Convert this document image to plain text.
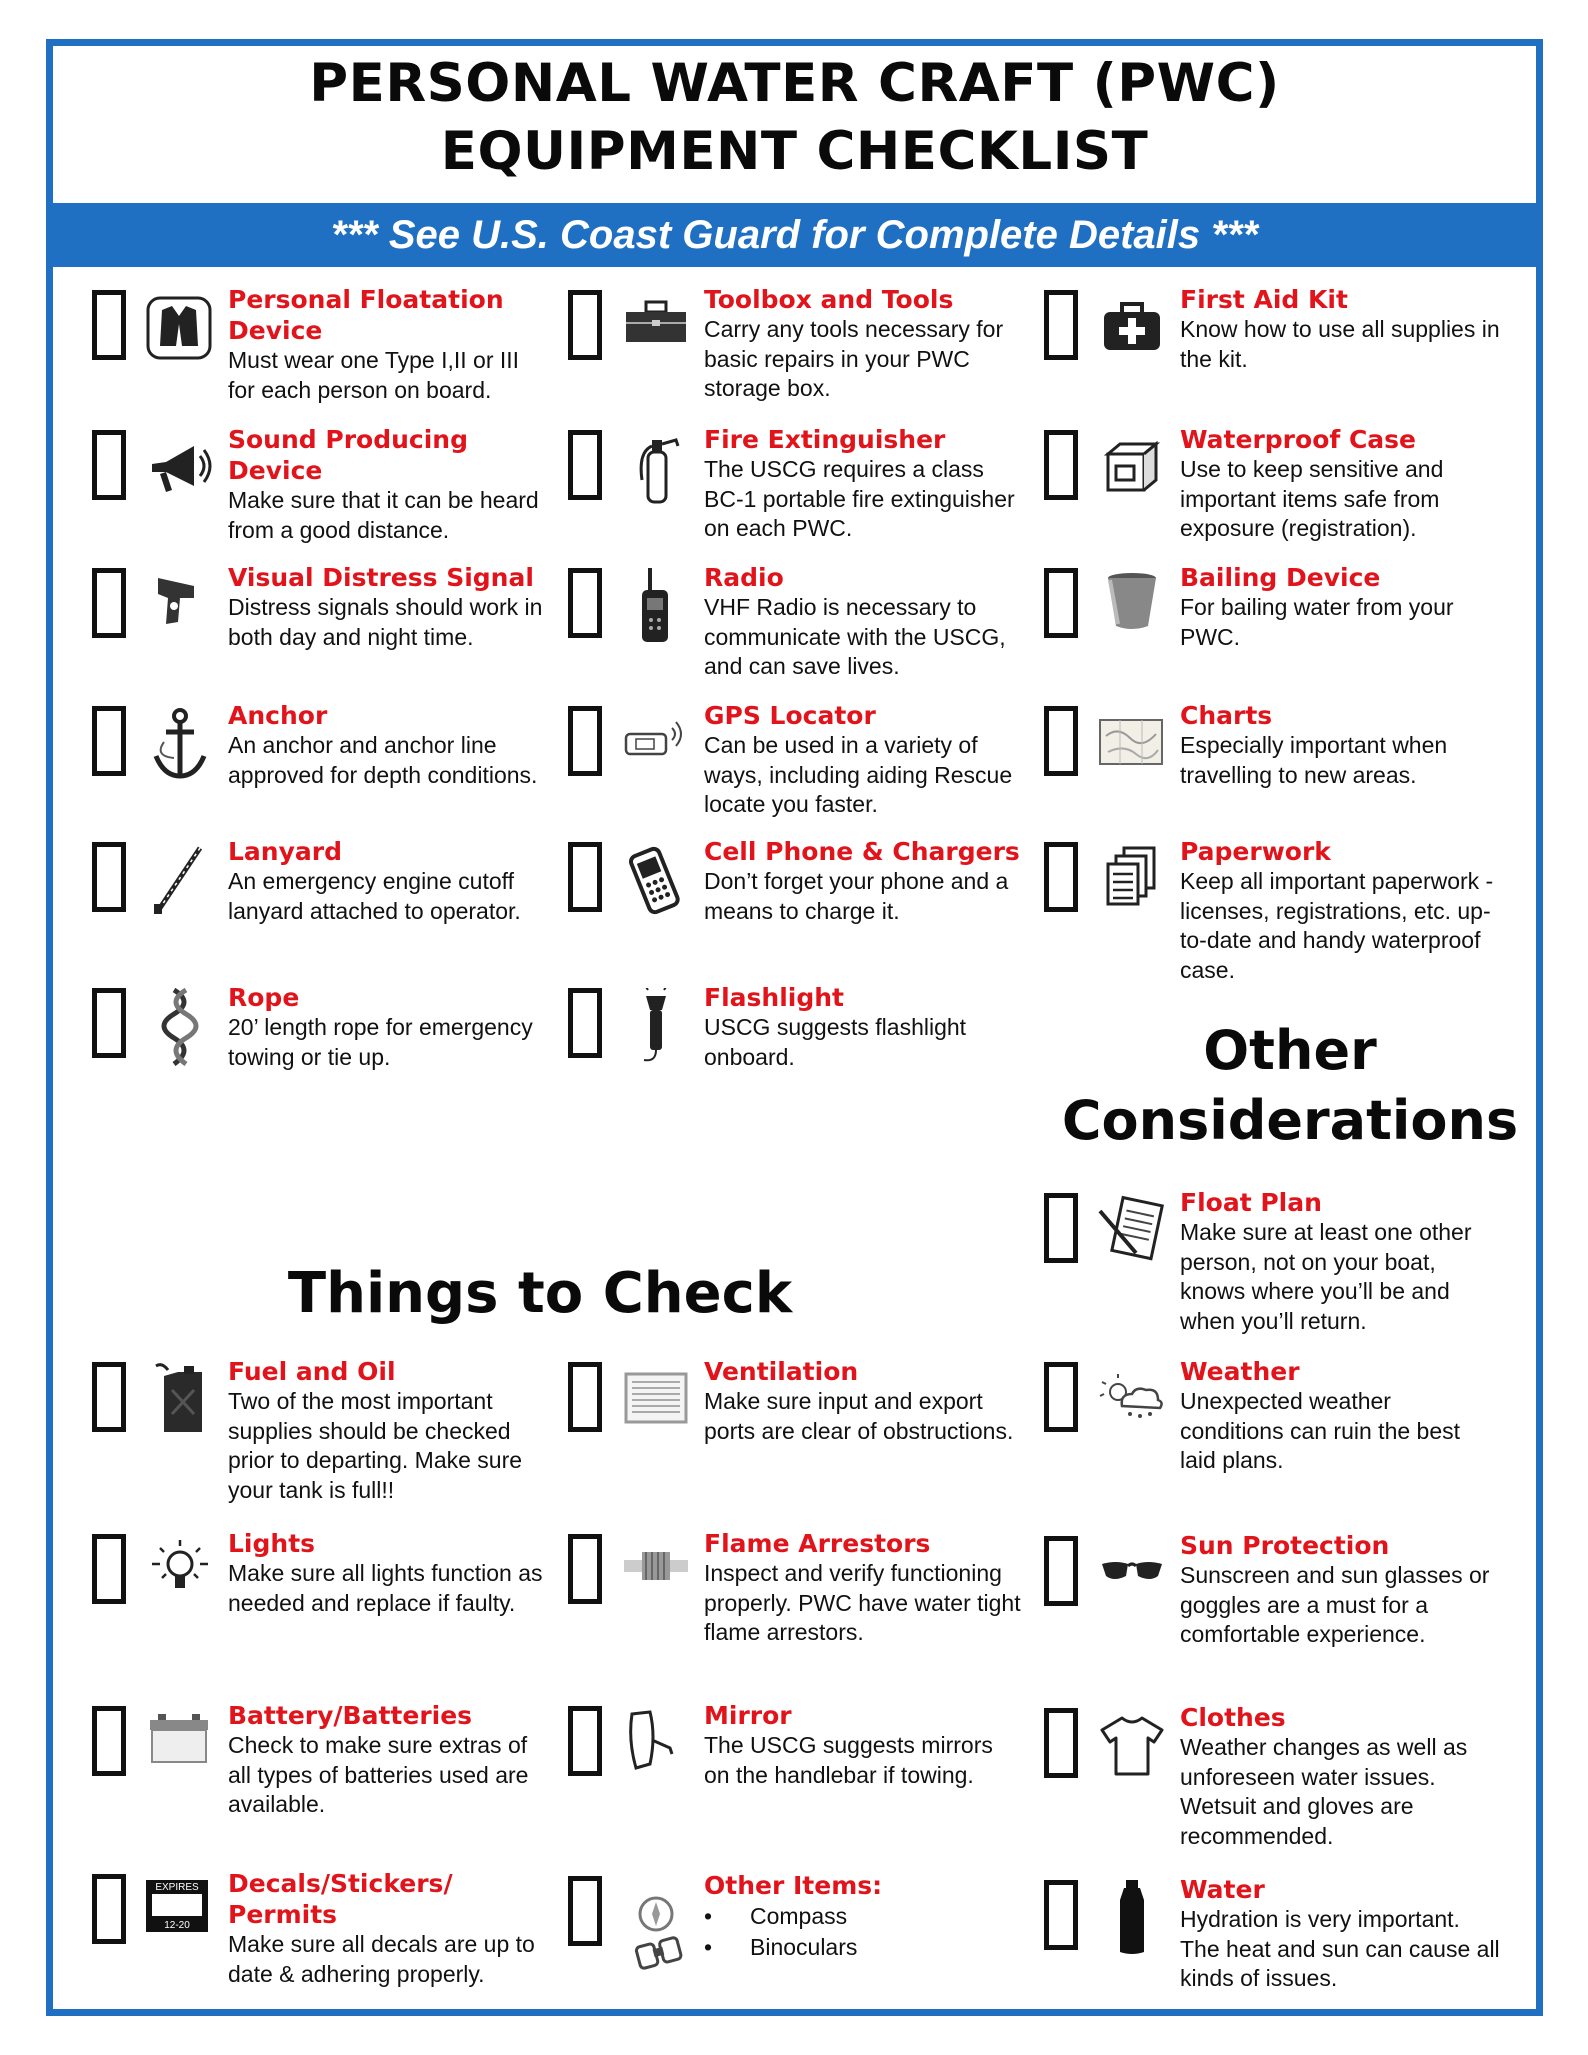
PERSONAL WATER CRAFT (PWC)
EQUIPMENT CHECKLIST
*** See U.S. Coast Guard for Complete Details ***
Personal Floatation Device
Must wear one Type I,II or III for each person on board.
Sound Producing Device
Make sure that it can be heard from a good distance.
Visual Distress Signal
Distress signals should work in both day and night time.
Anchor
An anchor and anchor line approved for depth conditions.
Lanyard
An emergency engine cutoff lanyard attached to operator.
Rope
20’ length rope for emergency towing or tie up.
Toolbox and Tools
Carry any tools necessary for basic repairs in your PWC storage box.
Fire Extinguisher
The USCG requires a class BC-1 portable fire extinguisher on each PWC.
Radio
VHF Radio is necessary to communicate with the USCG, and can save lives.
GPS Locator
Can be used in a variety of ways, including aiding Rescue locate you faster.
Cell Phone & Chargers
Don’t forget your phone and a means to charge it.
Flashlight
USCG suggests flashlight onboard.
First Aid Kit
Know how to use all supplies in the kit.
Waterproof Case
Use to keep sensitive and important items safe from exposure (registration).
Bailing Device
For bailing water from your PWC.
Charts
Especially important when travelling to new areas.
Paperwork
Keep all important paperwork - licenses, registrations, etc. up-to-date and handy waterproof case.
Other
Considerations
Float Plan
Make sure at least one other person, not on your boat, knows where you’ll be and when you’ll return.
Weather
Unexpected weather conditions can ruin the best laid plans.
Sun Protection
Sunscreen and sun glasses or goggles are a must for a comfortable experience.
Clothes
Weather changes as well as unforeseen water issues. Wetsuit and gloves are recommended.
Water
Hydration is very important. The heat and sun can cause all kinds of issues.
Things to Check
Fuel and Oil
Two of the most important supplies should be checked prior to departing. Make sure your tank is full!!
Lights
Make sure all lights function as needed and replace if faulty.
Battery/Batteries
Check to make sure extras of all types of batteries used are available.
EXPIRES
12-20
Decals/Stickers/ Permits
Make sure all decals are up to date & adhering properly.
Ventilation
Make sure input and export ports are clear of obstructions.
Flame Arrestors
Inspect and verify functioning properly. PWC have water tight flame arrestors.
Mirror
The USCG suggests mirrors on the handlebar if towing.
Other Items:
• Compass
• Binoculars
